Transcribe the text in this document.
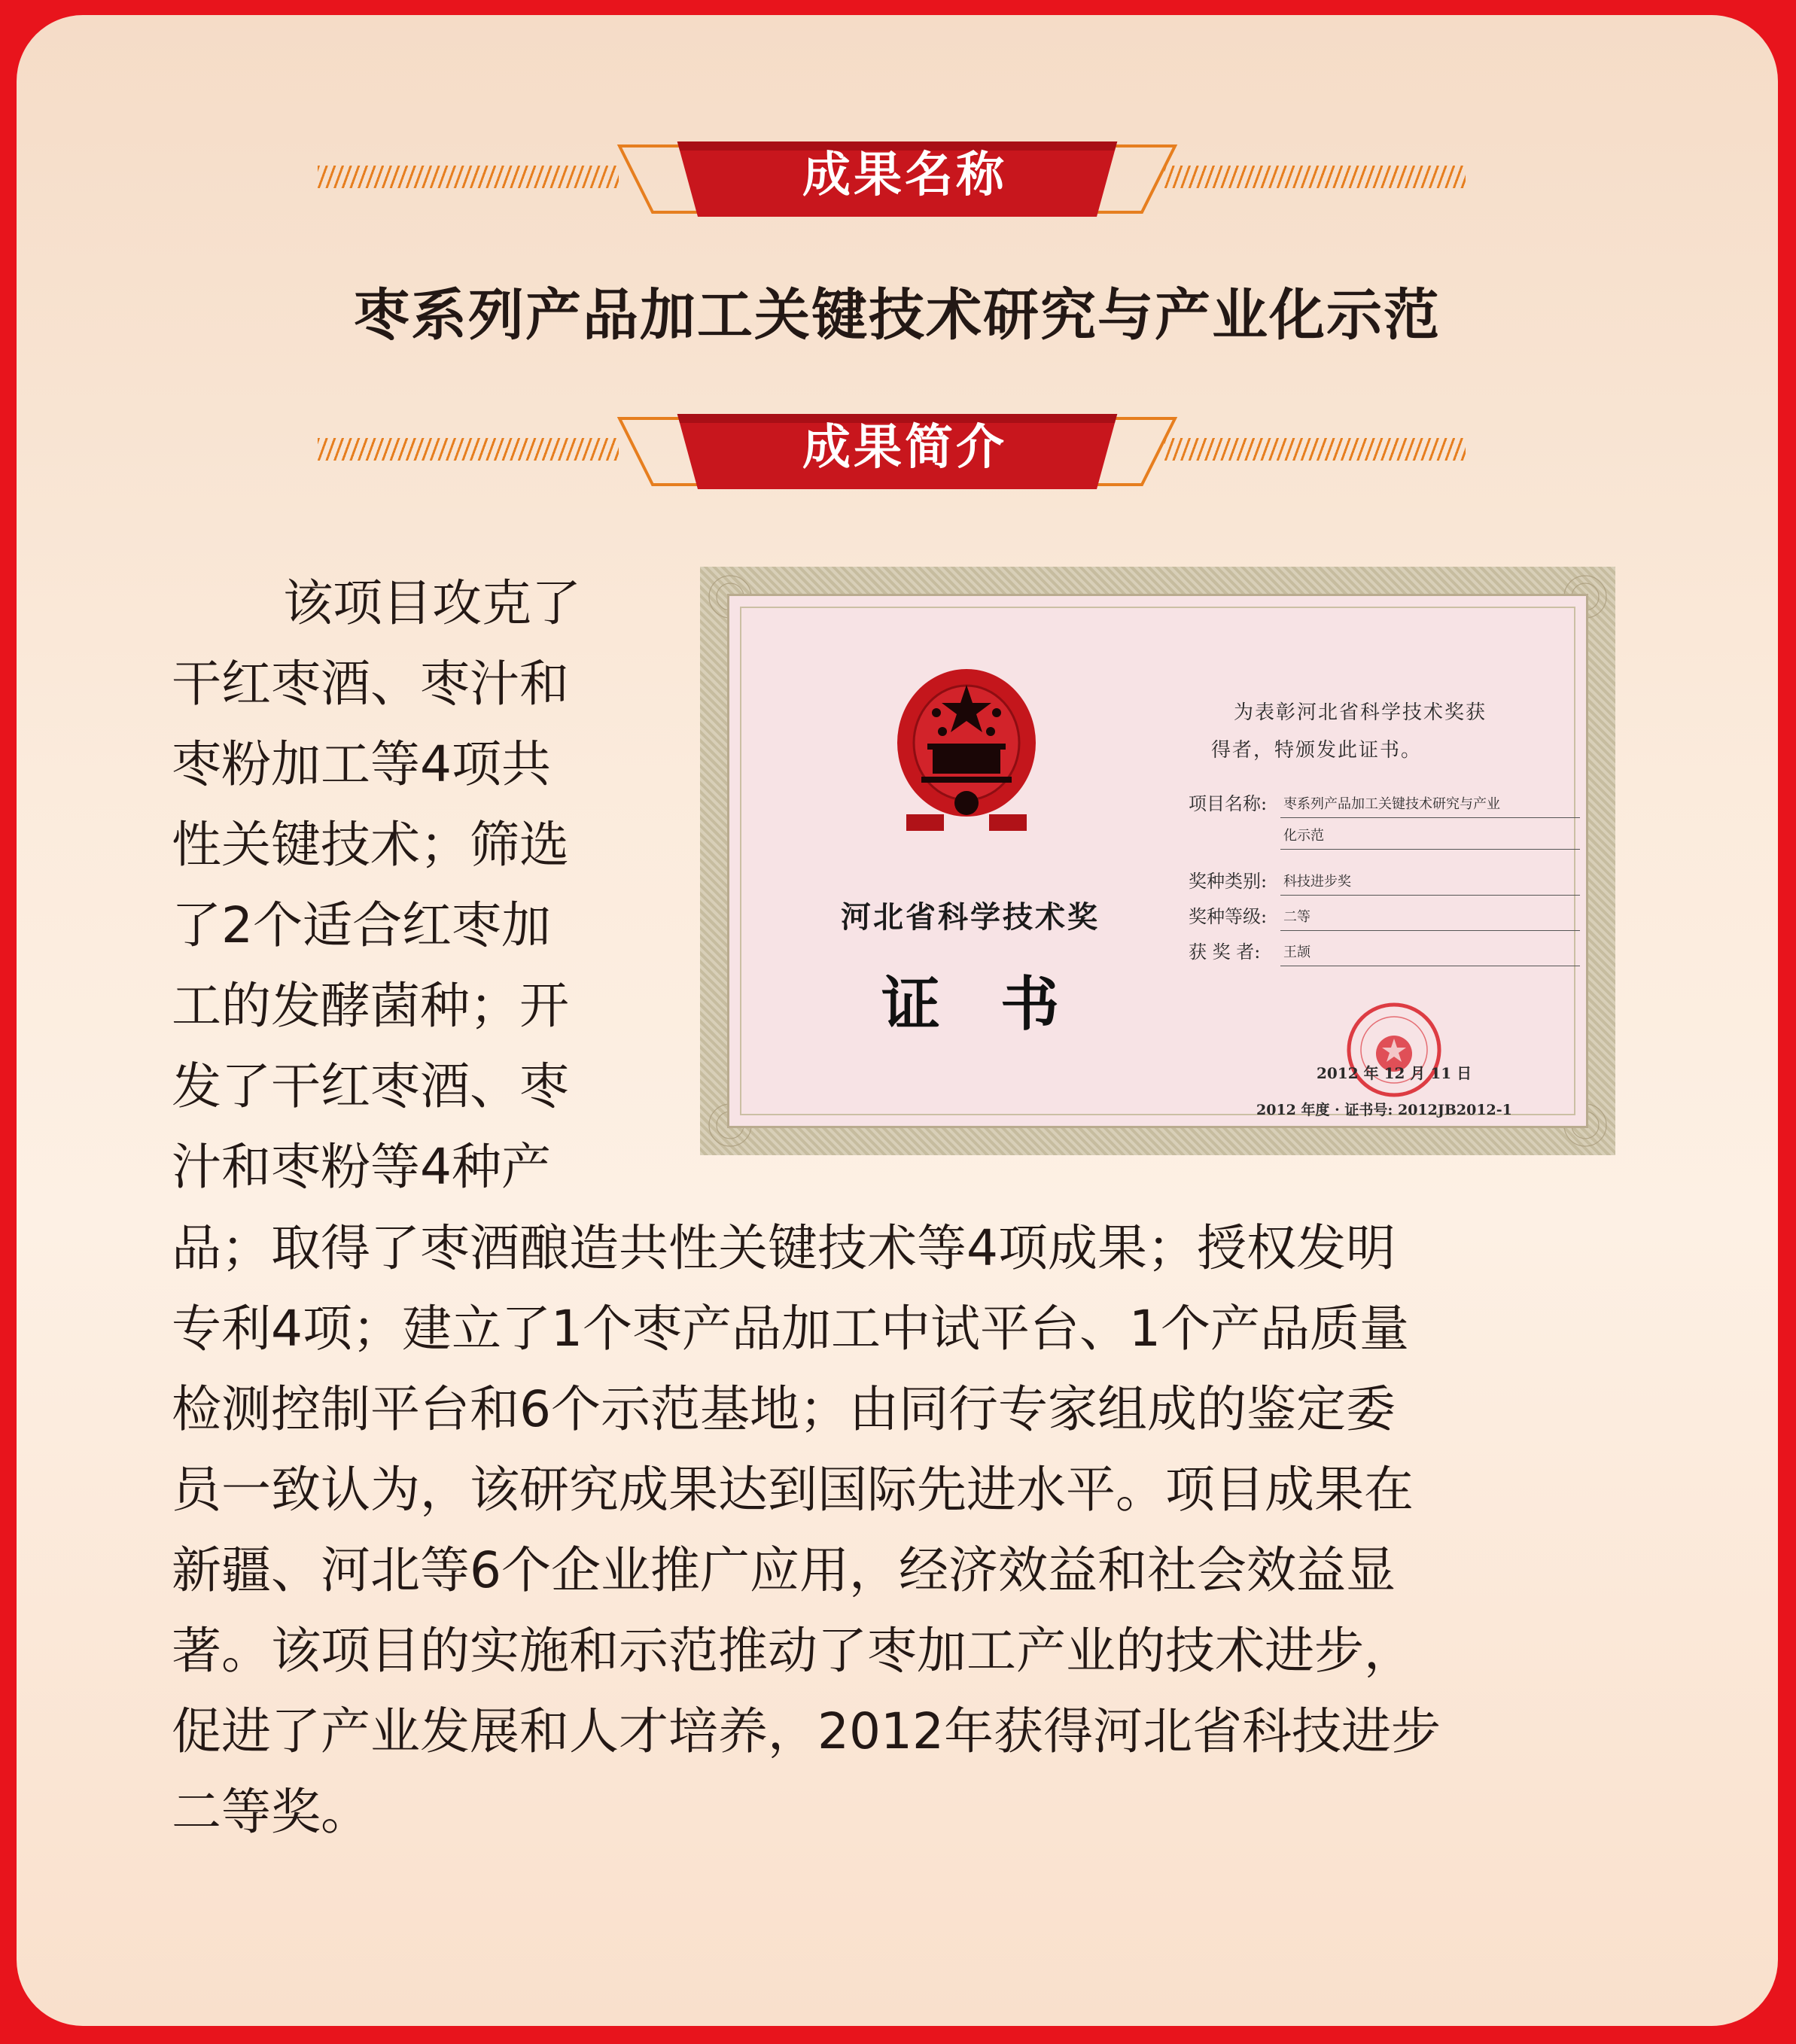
成果名称
枣系列产品加工关键技术研究与产业化示范
成果简介

该项目攻克了
干红枣酒、枣汁和
枣粉加工等4项共
性关键技术；筛选
了2个适合红枣加
工的发酵菌种；开
发了干红枣酒、枣
汁和枣粉等4种产

河北省科学技术奖
证书
为表彰河北省科学技术奖获
得者，特颁发此证书。
项目名称: 枣系列产品加工关键技术研究与产业
化示范
奖种类别: 科技进步奖
奖种等级: 二等
获 奖 者: 王颉
2012 年 12 月 11 日
2012 年度 · 证书号: 2012JB2012-1

品；取得了枣酒酿造共性关键技术等4项成果；授权发明
专利4项；建立了1个枣产品加工中试平台、1个产品质量
检测控制平台和6个示范基地；由同行专家组成的鉴定委
员一致认为，该研究成果达到国际先进水平。项目成果在
新疆、河北等6个企业推广应用，经济效益和社会效益显
著。该项目的实施和示范推动了枣加工产业的技术进步，
促进了产业发展和人才培养，2012年获得河北省科技进步
二等奖。
